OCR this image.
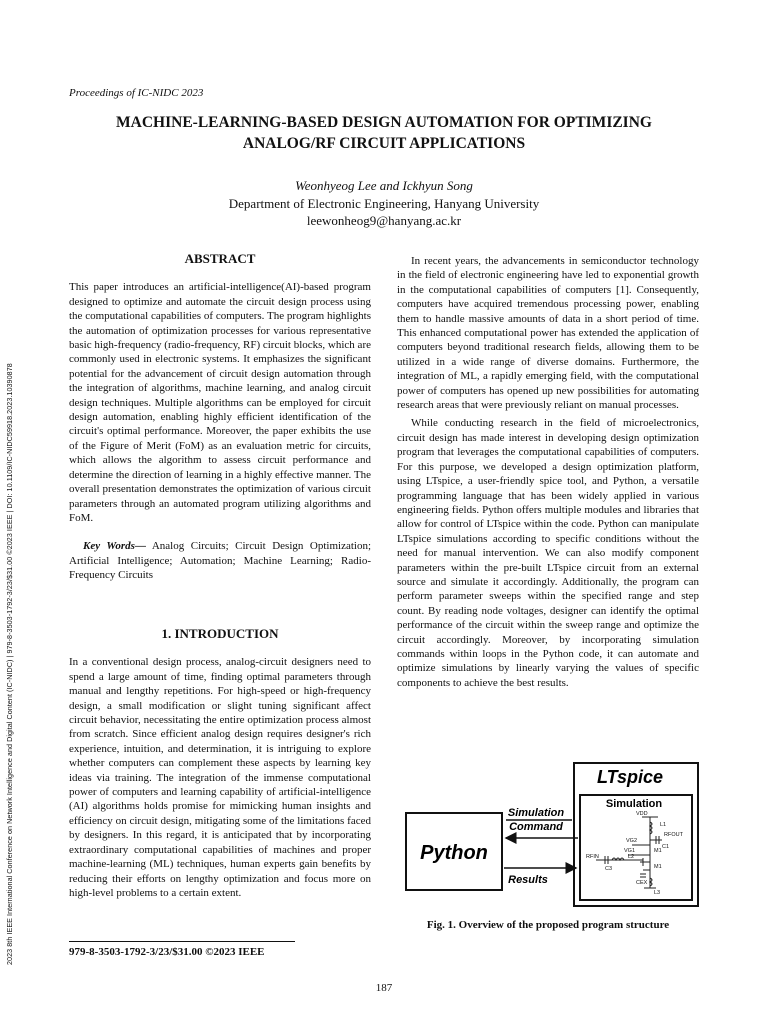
Proceedings of IC-NIDC 2023
MACHINE-LEARNING-BASED DESIGN AUTOMATION FOR OPTIMIZING
ANALOG/RF CIRCUIT APPLICATIONS
Weonhyeog Lee and Ickhyun Song
Department of Electronic Engineering, Hanyang University
leewonheog9@hanyang.ac.kr
2023 8th IEEE International Conference on Network Intelligence and Digital Content (IC-NIDC) | 979-8-3503-1792-3/23/$31.00 ©2023 IEEE | DOI: 10.1109/IC-NIDC59918.2023.10390878
ABSTRACT

This paper introduces an artificial-intelligence(AI)-based program designed to optimize and automate the circuit design process using the computational capabilities of computers. The program highlights the automation of optimization processes for various representative basic high-frequency (radio-frequency, RF) circuit blocks, which are commonly used in electronic systems. It emphasizes the significant potential for the advancement of circuit design automation through the integration of algorithms, machine learning, and analog circuit design techniques. Multiple algorithms can be employed for circuit design automation, enabling highly efficient identification of the circuit's optimal performance. Moreover, the paper exhibits the use of the Figure of Merit (FoM) as an evaluation metric for circuits, which allows the algorithm to assess circuit performance and determine the direction of learning in a highly effective manner. The overall presentation demonstrates the optimization of various circuit parameters through an automated program utilizing algorithms and FoM.

Key Words— Analog Circuits; Circuit Design Optimization; Artificial Intelligence; Automation; Machine Learning; Radio-Frequency Circuits

1. INTRODUCTION

In a conventional design process, analog-circuit designers need to spend a large amount of time, finding optimal parameters through manual and lengthy repetitions. For high-speed or high-frequency design, a small modification or slight tuning significant affect circuit behavior, necessitating the entire optimization process almost from scratch. Since efficient analog design requires designer's rich experience, intuition, and determination, it is intriguing to explore whether computers can complement these aspects by learning key ideas via training. The integration of the immense computational power of computers and learning capability of artificial-intelligence (AI) algorithms holds promise for mimicking human insights and efficiency on circuit design, mitigating some of the limitations faced by designers. In this regard, it is anticipated that by incorporating extraordinary computational capabilities of machines and proper machine-learning (ML) techniques, human experts gain benefits by reducing their efforts on lengthy optimization and focus more on high-level problems to a certain extent.

In recent years, the advancements in semiconductor technology in the field of electronic engineering have led to exponential growth in the computational capabilities of computers [1]. Consequently, computers have acquired tremendous processing power, enabling them to handle massive amounts of data in a short period of time. This enhanced computational power has extended the application of computers beyond traditional research fields, allowing them to be utilized in a wide range of diverse domains. Furthermore, the integration of ML, a rapidly emerging field, with the computational power of computers has opened up new possibilities for automating research areas that were previously reliant on manual processes.

While conducting research in the field of microelectronics, circuit design has made interest in developing design optimization program that leverages the computational capabilities of computers. For this purpose, we developed a design optimization platform, using LTspice, a user-friendly spice tool, and Python, a versatile programming language that has been widely applied in various engineering fields. Python offers multiple modules and libraries that allow for control of LTspice within the code. Python can manipulate LTspice simulations according to specific conditions without the need for manual intervention. We can also modify component parameters within the pre-built LTspice circuit from an external source and simulate it accordingly. Additionally, the program can perform parameter sweeps within the specified range and step count. By reading node voltages, designer can identify the optimal performance of the circuit within the sweep range and optimize the circuit accordingly. Moreover, by incorporating simulation commands within loops in the Python code, it can automate and optimize simulations by linearly varying the values of specific components to achieve the best results.

Python
LTspice
Simulation
VDD
L1
RFOUT
C1
VG2
M1
VG1
L2
RFIN
C3	M1
CEX
L3
Simulation
Command
Results
Fig. 1. Overview of the proposed program structure
979-8-3503-1792-3/23/$31.00 ©2023 IEEE
187
